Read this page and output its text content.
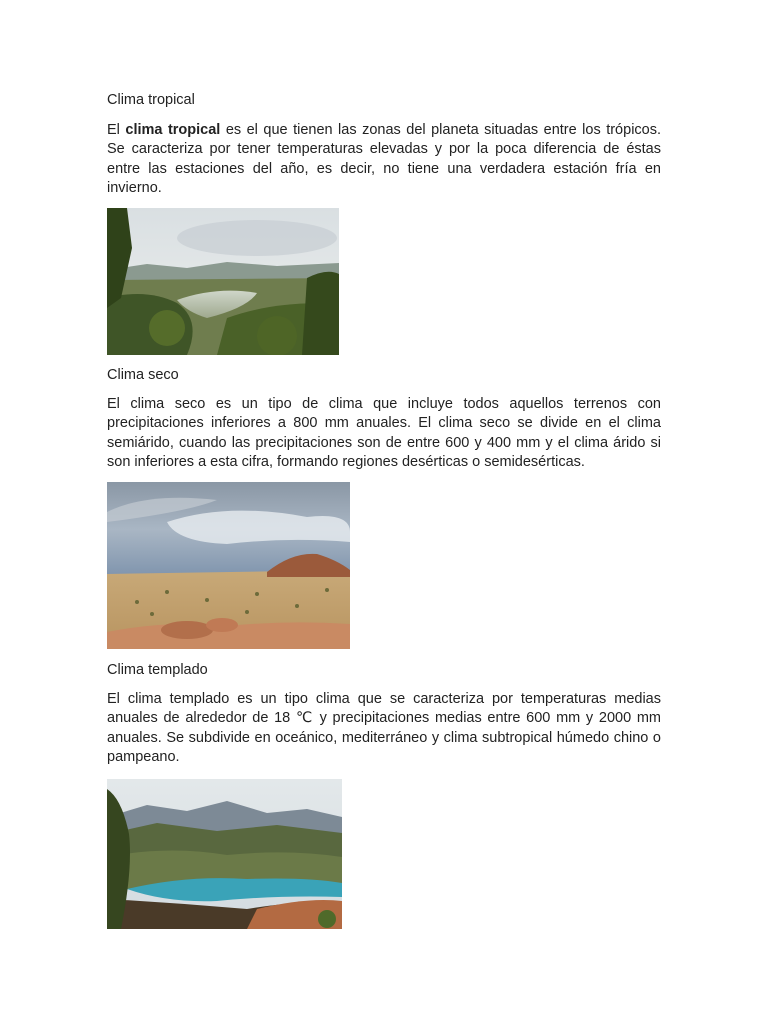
Clima tropical

El clima tropical es el que tienen las zonas del planeta situadas entre los trópicos. Se caracteriza por tener temperaturas elevadas y por la poca diferencia de éstas entre las estaciones del año, es decir, no tiene una verdadera estación fría en invierno.

Clima seco

El clima seco es un tipo de clima que incluye todos aquellos terrenos con precipitaciones inferiores a 800 mm anuales. El clima seco se divide en el clima semiárido, cuando las precipitaciones son de entre 600 y 400 mm y el clima árido si son inferiores a esta cifra, formando regiones desérticas o semidesérticas.

Clima templado

El clima templado es un tipo clima que se caracteriza por temperaturas medias anuales de alrededor de 18 ℃ y precipitaciones medias entre 600 mm y 2000 mm anuales. Se subdivide en oceánico, mediterráneo y clima subtropical húmedo chino o pampeano.
